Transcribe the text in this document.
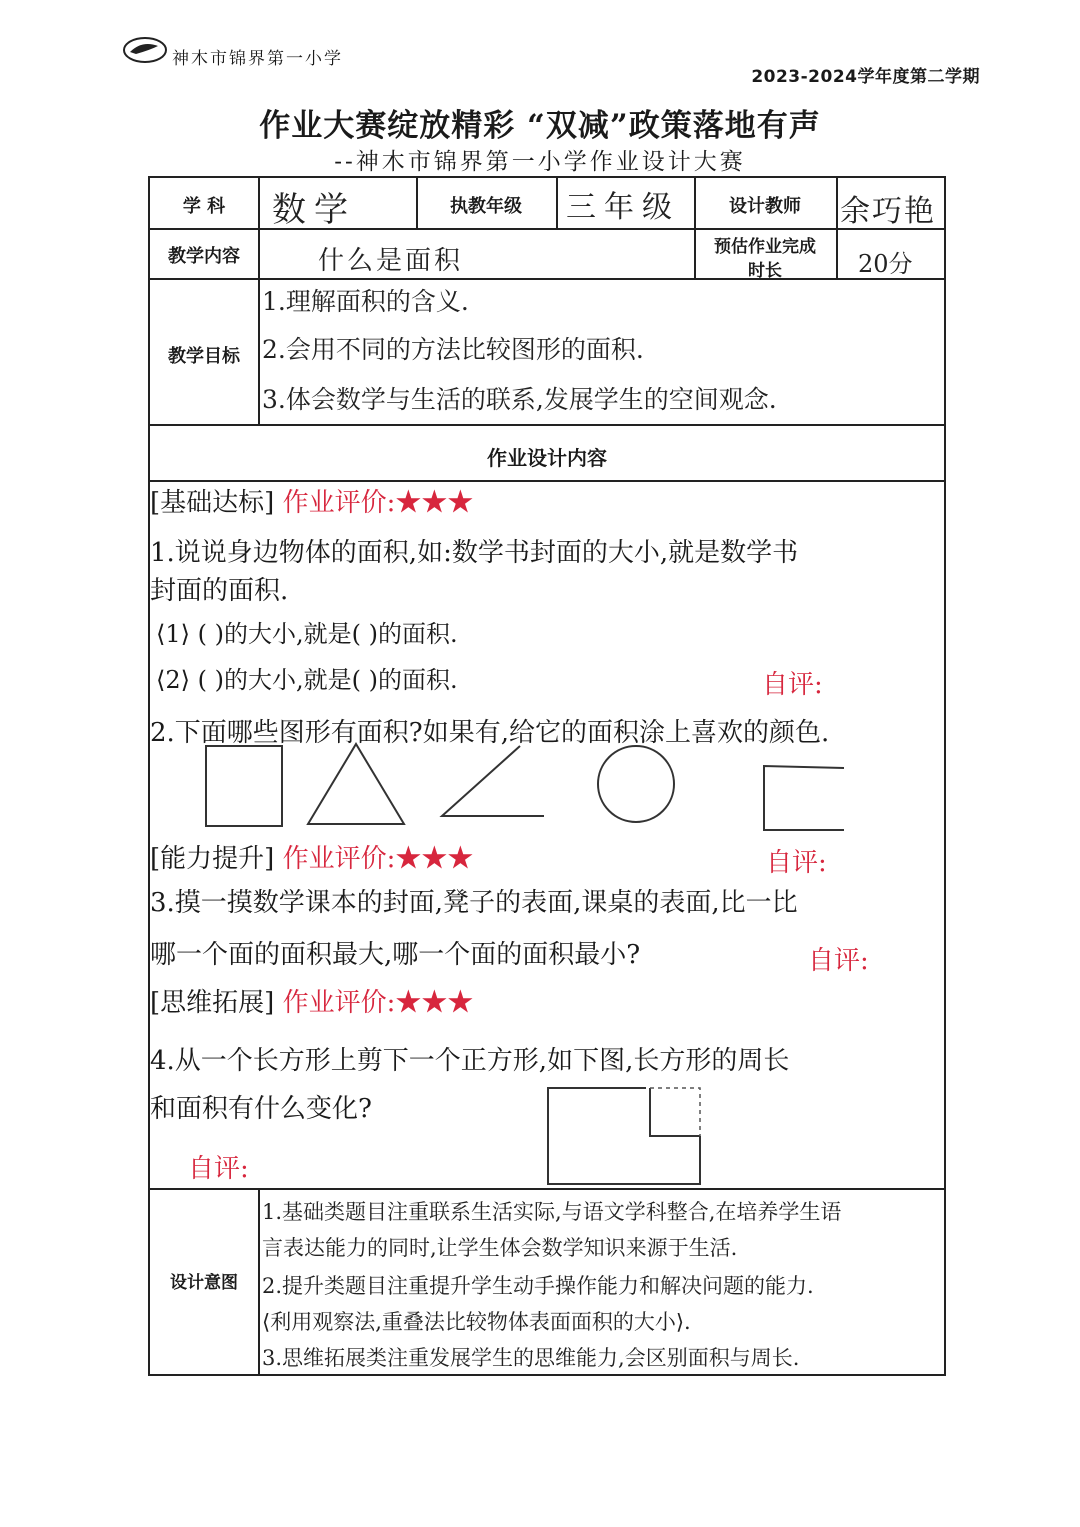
神木市锦界第一小学
2023-2024学年度第二学期
作业大赛绽放精彩 “双减”政策落地有声
--神木市锦界第一小学作业设计大赛
学 科	数学	执教年级	三年级	设计教师	余巧艳
教学内容	什么是面积	预估作业完成
时长	20分
教学目标
1.理解面积的含义.
2.会用不同的方法比较图形的面积.
3.体会数学与生活的联系,发展学生的空间观念.
作业设计内容
设计意图
1.基础类题目注重联系生活实际,与语文学科整合,在培养学生语
言表达能力的同时,让学生体会数学知识来源于生活.
2.提升类题目注重提升学生动手操作能力和解决问题的能力.
⟨利用观察法,重叠法比较物体表面面积的大小⟩.
3.思维拓展类注重发展学生的思维能力,会区别面积与周长.
[基础达标] 作业评价:★★★
1.说说身边物体的面积,如:数学书封面的大小,就是数学书
封面的面积.
⟨1⟩ ( )的大小,就是( )的面积.
⟨2⟩ ( )的大小,就是( )的面积.	自评:
2.下面哪些图形有面积?如果有,给它的面积涂上喜欢的颜色.
[能力提升] 作业评价:★★★	自评:
3.摸一摸数学课本的封面,凳子的表面,课桌的表面,比一比
哪一个面的面积最大,哪一个面的面积最小?	自评:
[思维拓展] 作业评价:★★★
4.从一个长方形上剪下一个正方形,如下图,长方形的周长
和面积有什么变化?
自评:
